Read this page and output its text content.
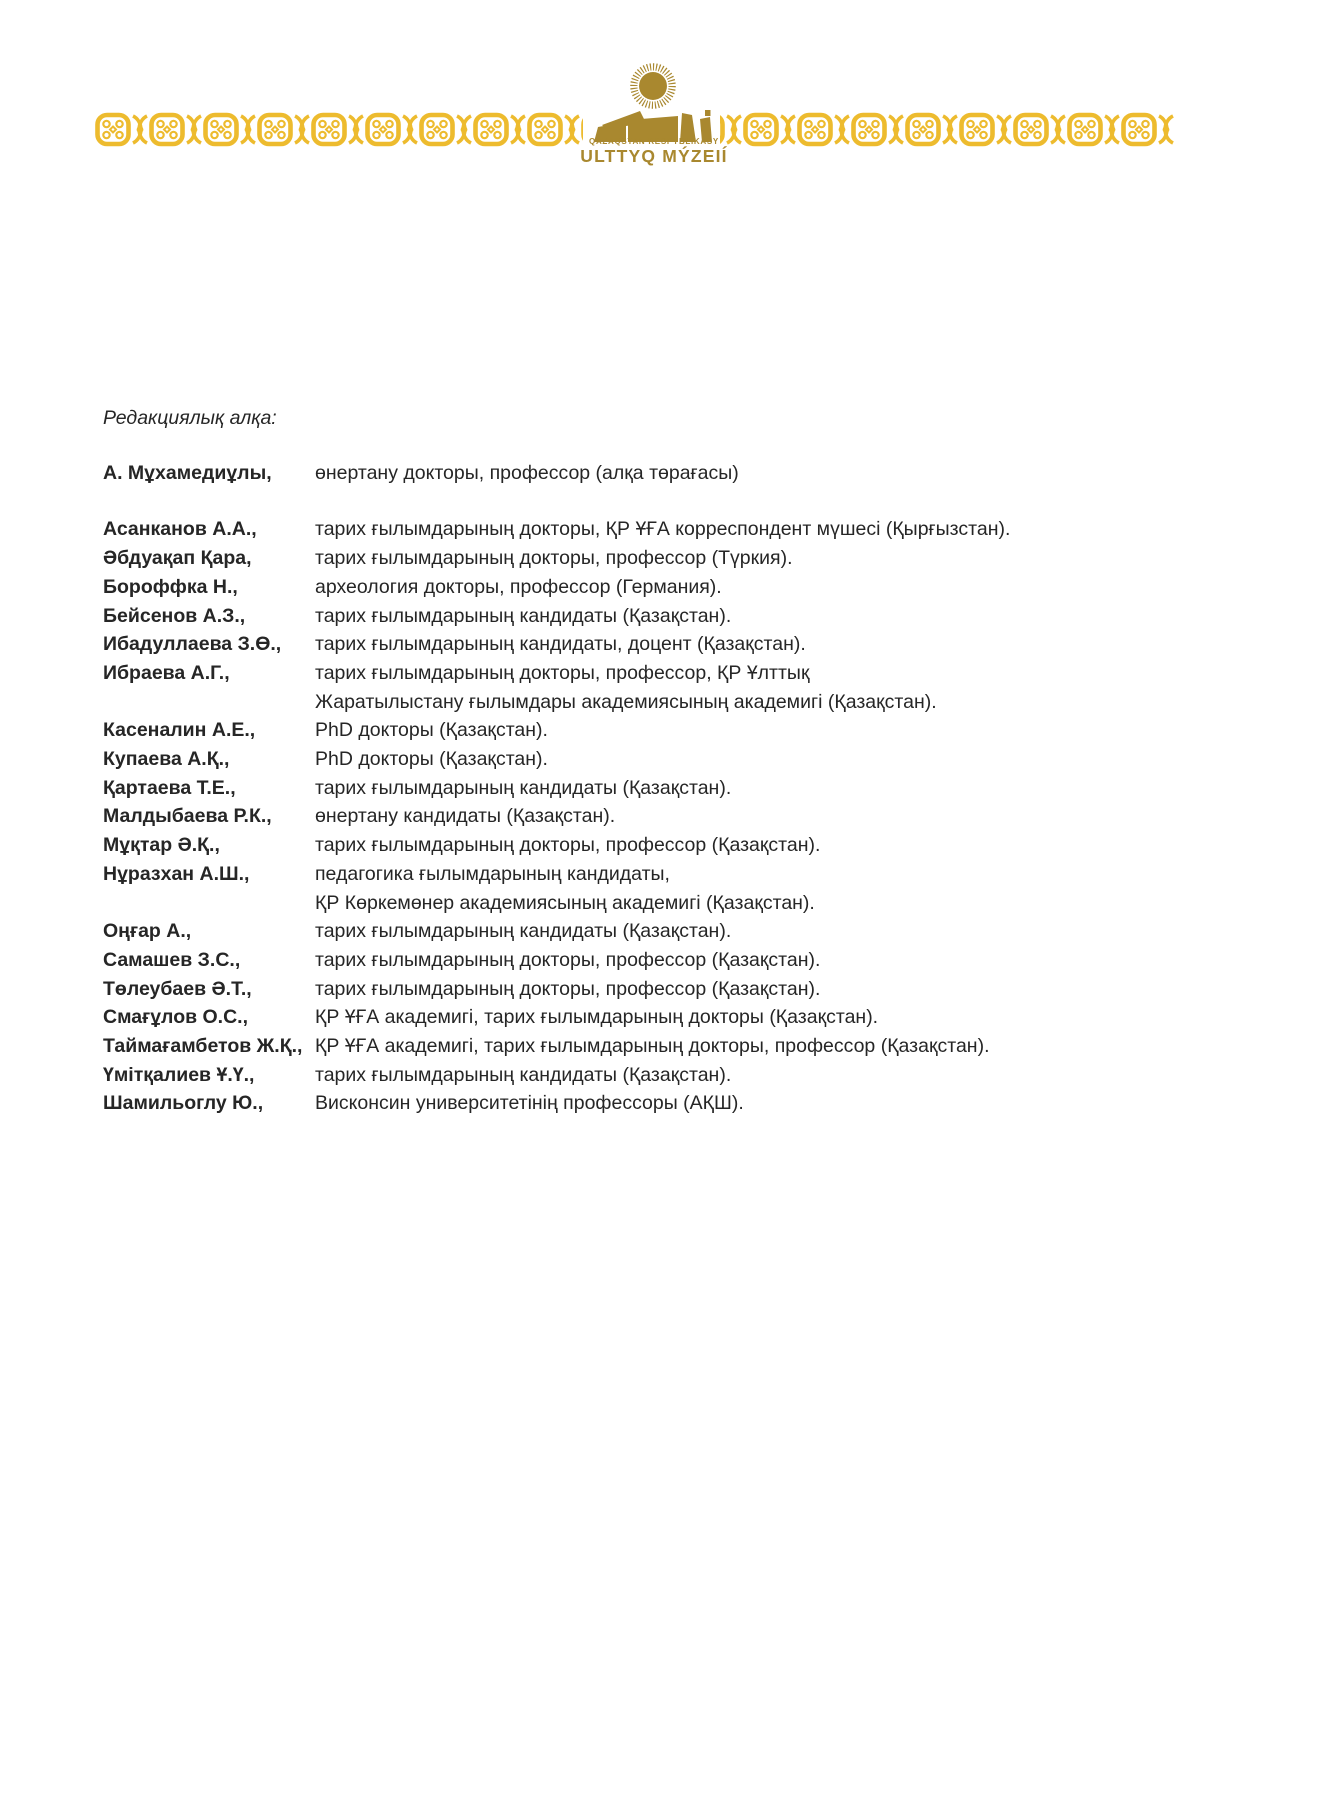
QAZAQSTAN RESPÝBLIKASY
ULTTYQ MÝZEIÍ
Редакциялық алқа:
А. Мұхамедиұлы,	өнертану докторы, профессор (алқа төрағасы)
Асанканов А.А.,	тарих ғылымдарының докторы, ҚР ҰҒА корреспондент мүшесі (Қырғызстан).
Әбдуақап Қара,	тарих ғылымдарының докторы, профессор (Түркия).
Бороффка Н.,	археология докторы, профессор (Германия).
Бейсенов А.З.,	тарих ғылымдарының кандидаты (Қазақстан).
Ибадуллаева З.Ө.,	тарих ғылымдарының кандидаты, доцент (Қазақстан).
Ибраева А.Г.,	тарих ғылымдарының докторы, профессор, ҚР Ұлттық
Жаратылыстану ғылымдары академиясының академигі (Қазақстан).
Касеналин А.Е.,	PhD докторы (Қазақстан).
Купаева А.Қ.,	PhD докторы (Қазақстан).
Қартаева Т.Е.,	тарих ғылымдарының кандидаты (Қазақстан).
Малдыбаева Р.К.,	өнертану кандидаты (Қазақстан).
Мұқтар Ә.Қ.,	тарих ғылымдарының докторы, профессор (Қазақстан).
Нұразхан А.Ш.,	педагогика ғылымдарының кандидаты,
ҚР Көркемөнер академиясының академигі (Қазақстан).
Оңғар А.,	тарих ғылымдарының кандидаты (Қазақстан).
Самашев З.С.,	тарих ғылымдарының докторы, профессор (Қазақстан).
Төлеубаев Ә.Т.,	тарих ғылымдарының докторы, профессор (Қазақстан).
Смағұлов О.С.,	ҚР ҰҒА академигі, тарих ғылымдарының докторы (Қазақстан).
Таймағамбетов Ж.Қ., ҚР ҰҒА академигі, тарих ғылымдарының докторы, профессор (Қазақстан).
Үмітқалиев Ұ.Ү.,	тарих ғылымдарының кандидаты (Қазақстан).
Шамильоглу Ю.,	Висконсин университетінің профессоры (АҚШ).
